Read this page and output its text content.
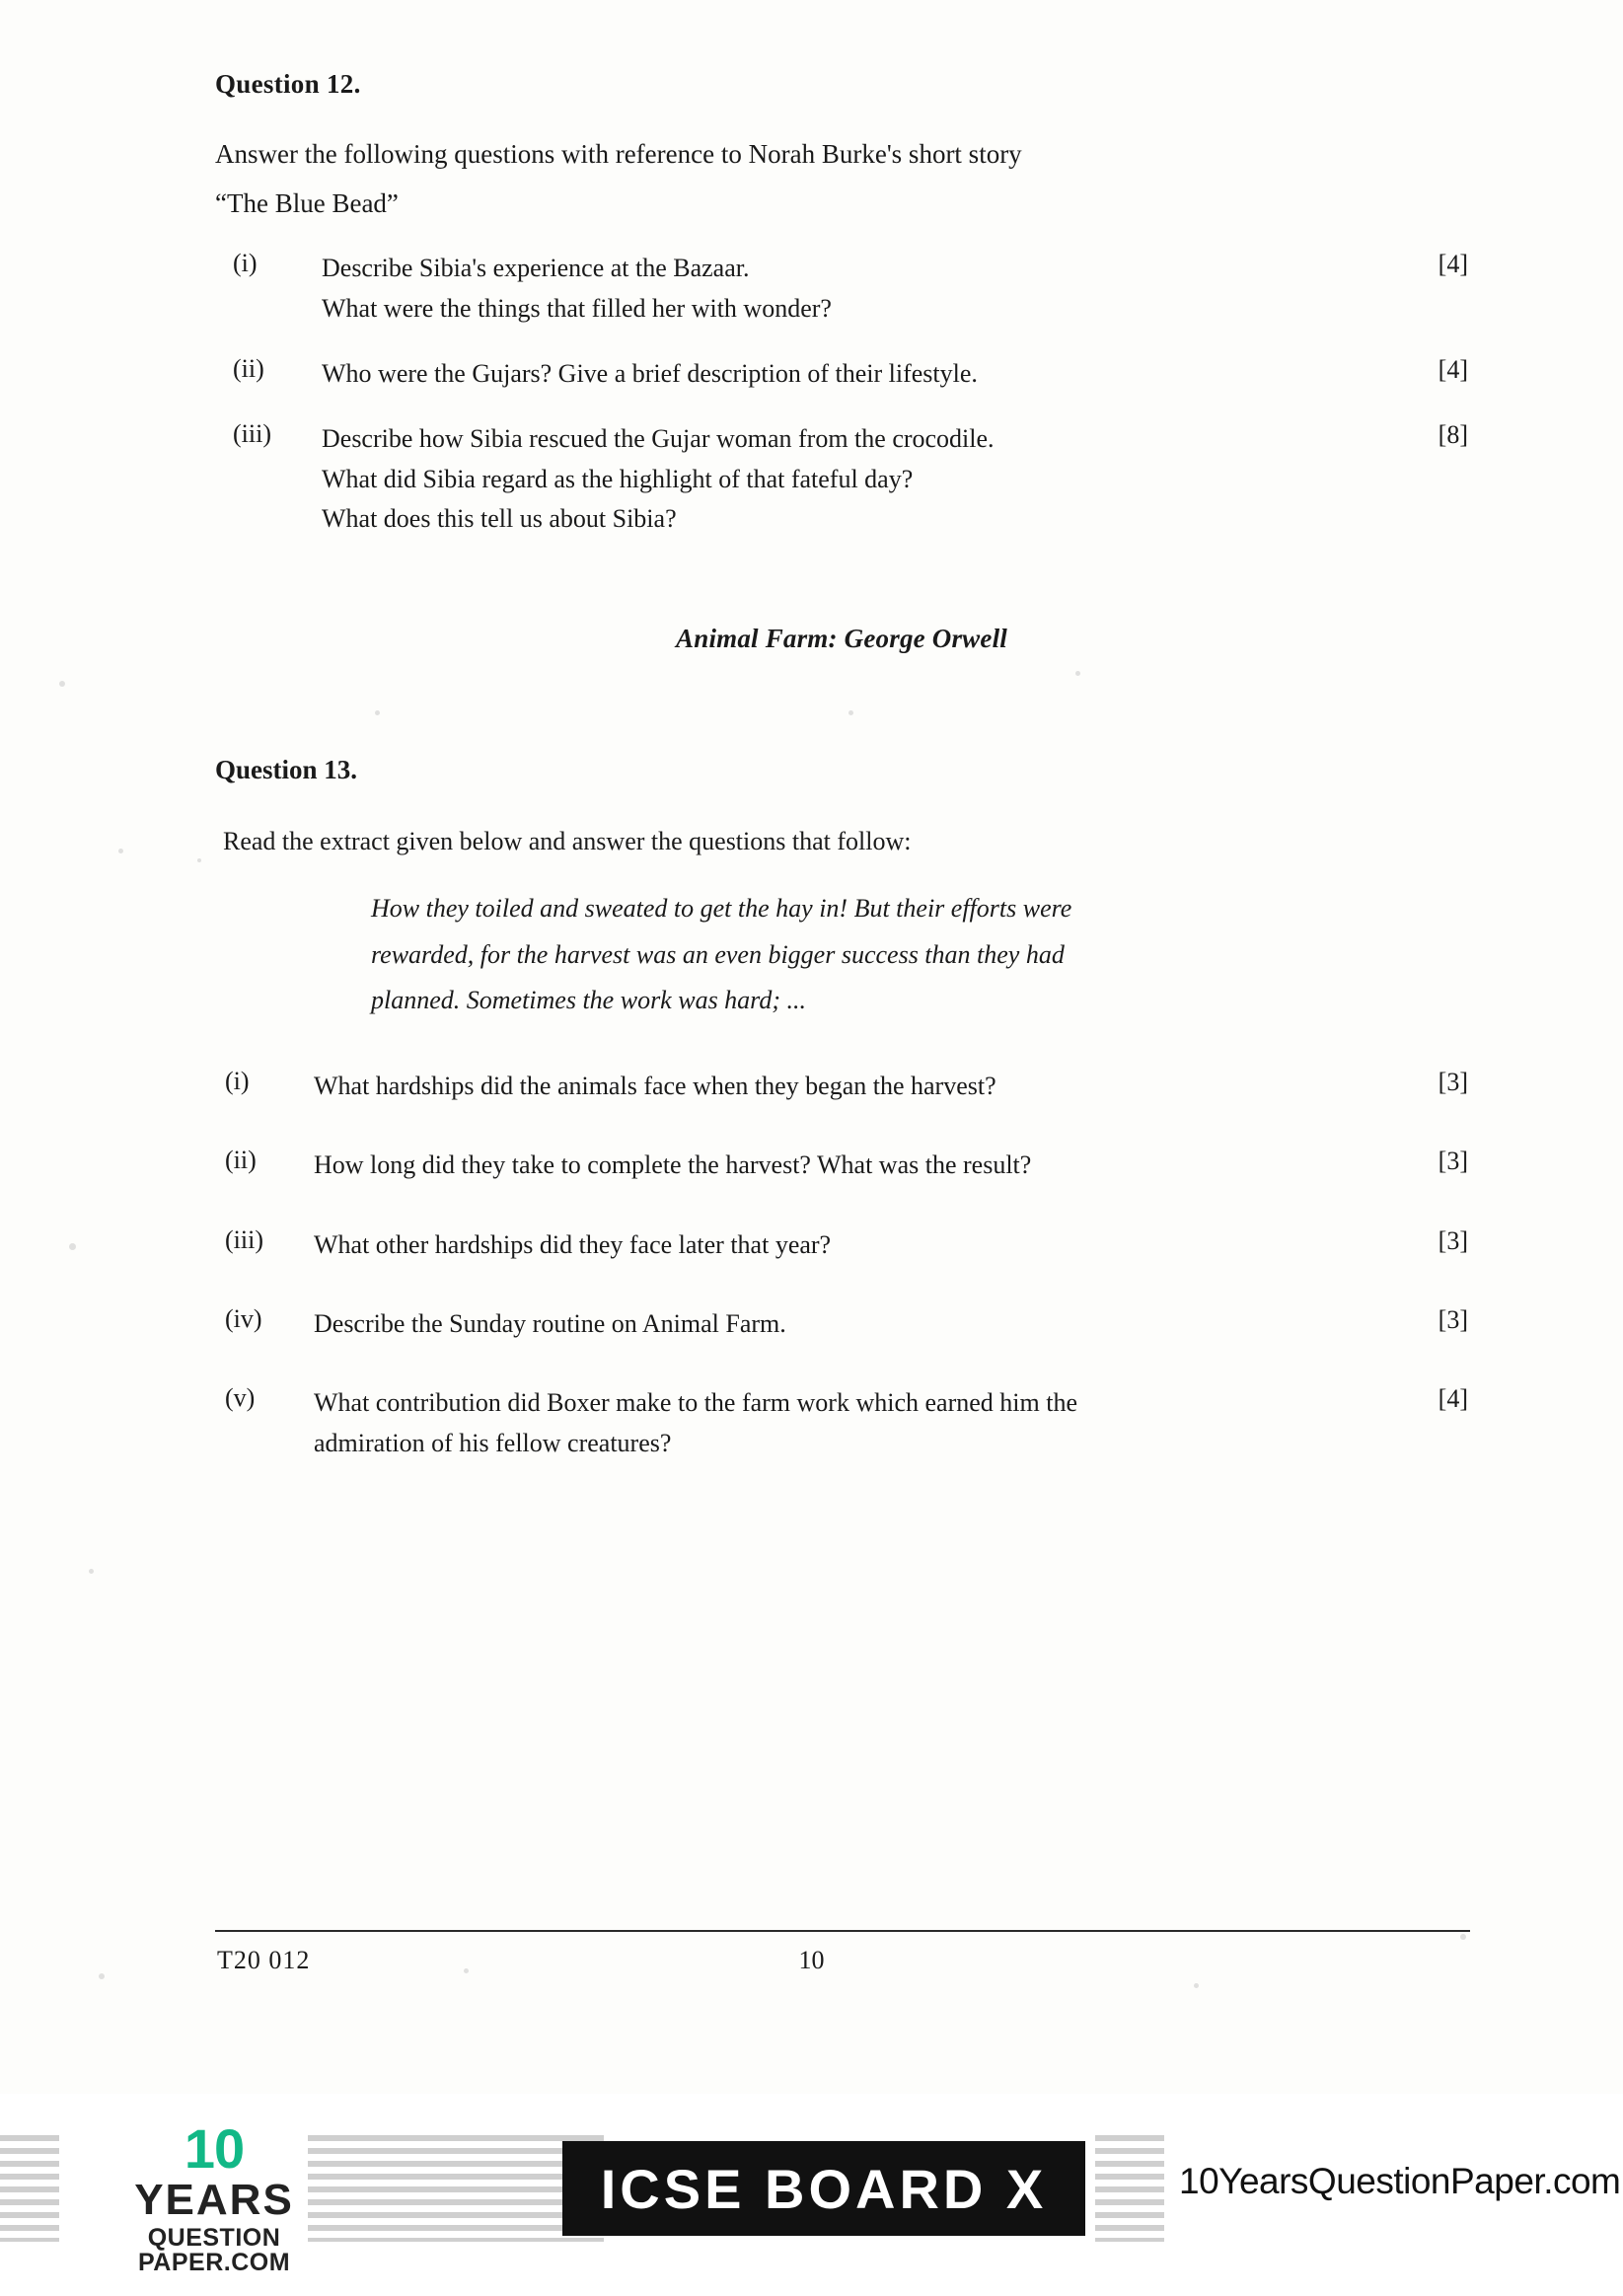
Question 12.

Answer the following questions with reference to Norah Burke's short story

“The Blue Bead”

(i)	Describe Sibia's experience at the Bazaar.
What were the things that filled her with wonder?
[4]
(ii)	Who were the Gujars? Give a brief description of their lifestyle.	[4]
(iii)	Describe how Sibia rescued the Gujar woman from the crocodile.
What did Sibia regard as the highlight of that fateful day?
What does this tell us about Sibia?
[8]
Animal Farm: George Orwell
Question 13.
Read the extract given below and answer the questions that follow:
How they toiled and sweated to get the hay in! But their efforts were
rewarded, for the harvest was an even bigger success than they had
planned. Sometimes the work was hard; ...
(i)	What hardships did the animals face when they began the harvest?	[3]
(ii)	How long did they take to complete the harvest? What was the result?	[3]
(iii)	What other hardships did they face later that year?	[3]
(iv)	Describe the Sunday routine on Animal Farm.	[3]
(v)	What contribution did Boxer make to the farm work which earned him the
admiration of his fellow creatures?
[4]
T20 012	10
10
YEARS
QUESTION PAPER.COM
ICSE BOARD X	10YearsQuestionPaper.com
